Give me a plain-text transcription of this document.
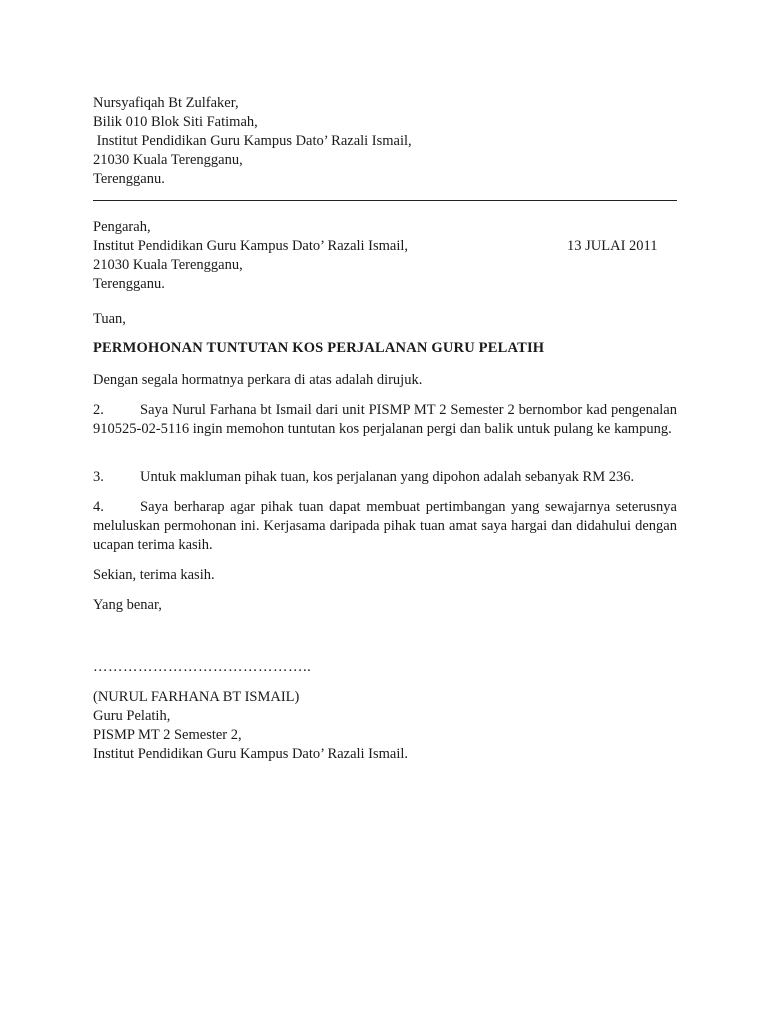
Nursyafiqah Bt Zulfaker,
Bilik 010 Blok Siti Fatimah,
Institut Pendidikan Guru Kampus Dato’ Razali Ismail,
21030 Kuala Terengganu,
Terengganu.
Pengarah,
Institut Pendidikan Guru Kampus Dato’ Razali Ismail,
21030 Kuala Terengganu,
Terengganu.
13 JULAI 2011
Tuan,
PERMOHONAN TUNTUTAN KOS PERJALANAN GURU PELATIH
Dengan segala hormatnya perkara di atas adalah dirujuk.
2. Saya Nurul Farhana bt Ismail dari unit PISMP MT 2 Semester 2 bernombor kad pengenalan 910525-02-5116 ingin memohon tuntutan kos perjalanan pergi dan balik untuk pulang ke kampung.
3. Untuk makluman pihak tuan, kos perjalanan yang dipohon adalah sebanyak RM 236.
4. Saya berharap agar pihak tuan dapat membuat pertimbangan yang sewajarnya seterusnya meluluskan permohonan ini. Kerjasama daripada pihak tuan amat saya hargai dan didahului dengan ucapan terima kasih.
Sekian, terima kasih.
Yang benar,
……………………………………..
(NURUL FARHANA BT ISMAIL)
Guru Pelatih,
PISMP MT 2 Semester 2,
Institut Pendidikan Guru Kampus Dato’ Razali Ismail.
